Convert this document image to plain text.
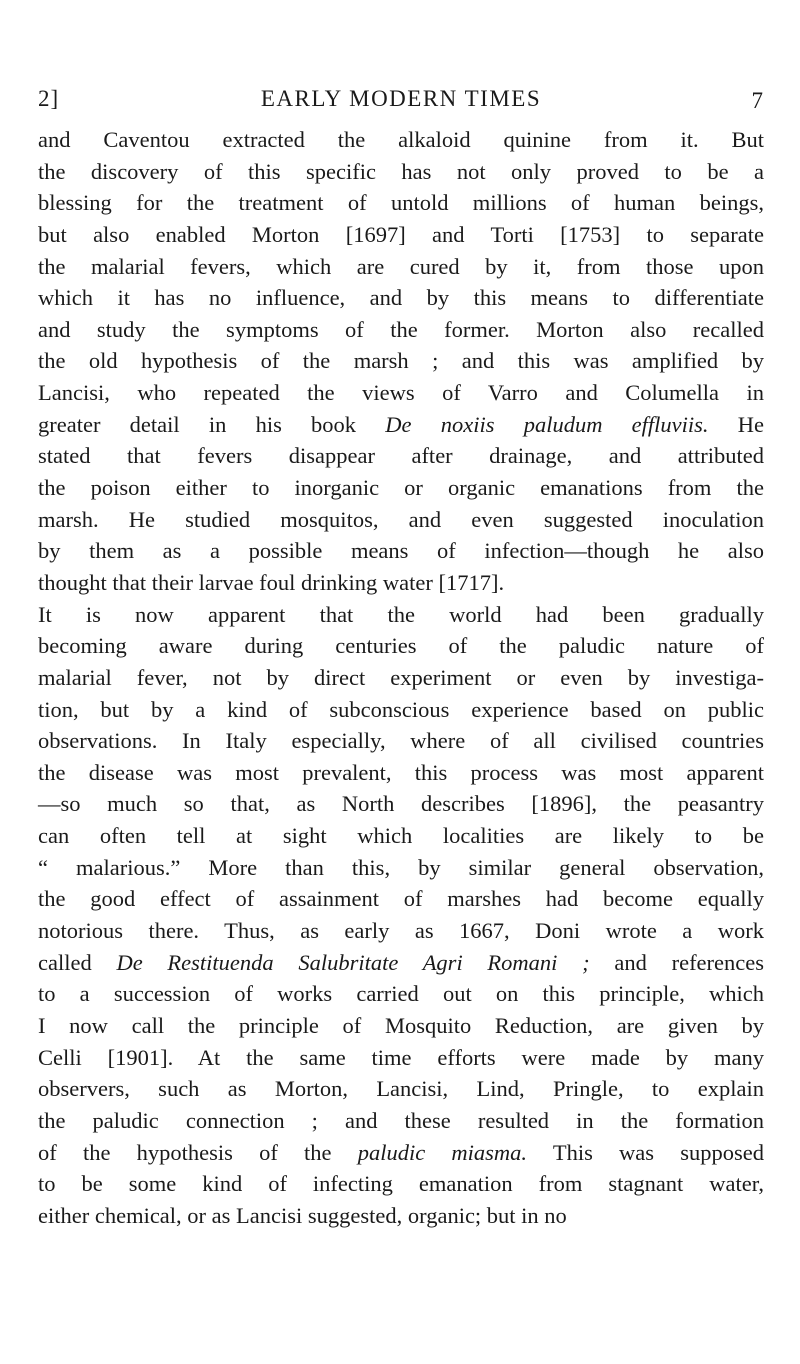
2]	EARLY MODERN TIMES	7
and Caventou extracted the alkaloid quinine from it. But
the discovery of this specific has not only proved to be a
blessing for the treatment of untold millions of human beings,
but also enabled Morton [1697] and Torti [1753] to separate
the malarial fevers, which are cured by it, from those upon
which it has no influence, and by this means to differentiate
and study the symptoms of the former. Morton also recalled
the old hypothesis of the marsh ; and this was amplified by
Lancisi, who repeated the views of Varro and Columella in
greater detail in his book De noxiis paludum effluviis. He
stated that fevers disappear after drainage, and attributed
the poison either to inorganic or organic emanations from the
marsh. He studied mosquitos, and even suggested inoculation
by them as a possible means of infection—though he also
thought that their larvae foul drinking water [1717].
It is now apparent that the world had been gradually
becoming aware during centuries of the paludic nature of
malarial fever, not by direct experiment or even by investiga-
tion, but by a kind of subconscious experience based on public
observations. In Italy especially, where of all civilised countries
the disease was most prevalent, this process was most apparent
—so much so that, as North describes [1896], the peasantry
can often tell at sight which localities are likely to be
“ malarious.” More than this, by similar general observation,
the good effect of assainment of marshes had become equally
notorious there. Thus, as early as 1667, Doni wrote a work
called De Restituenda Salubritate Agri Romani ; and references
to a succession of works carried out on this principle, which
I now call the principle of Mosquito Reduction, are given by
Celli [1901]. At the same time efforts were made by many
observers, such as Morton, Lancisi, Lind, Pringle, to explain
the paludic connection ; and these resulted in the formation
of the hypothesis of the paludic miasma. This was supposed
to be some kind of infecting emanation from stagnant water,
either chemical, or as Lancisi suggested, organic; but in no
